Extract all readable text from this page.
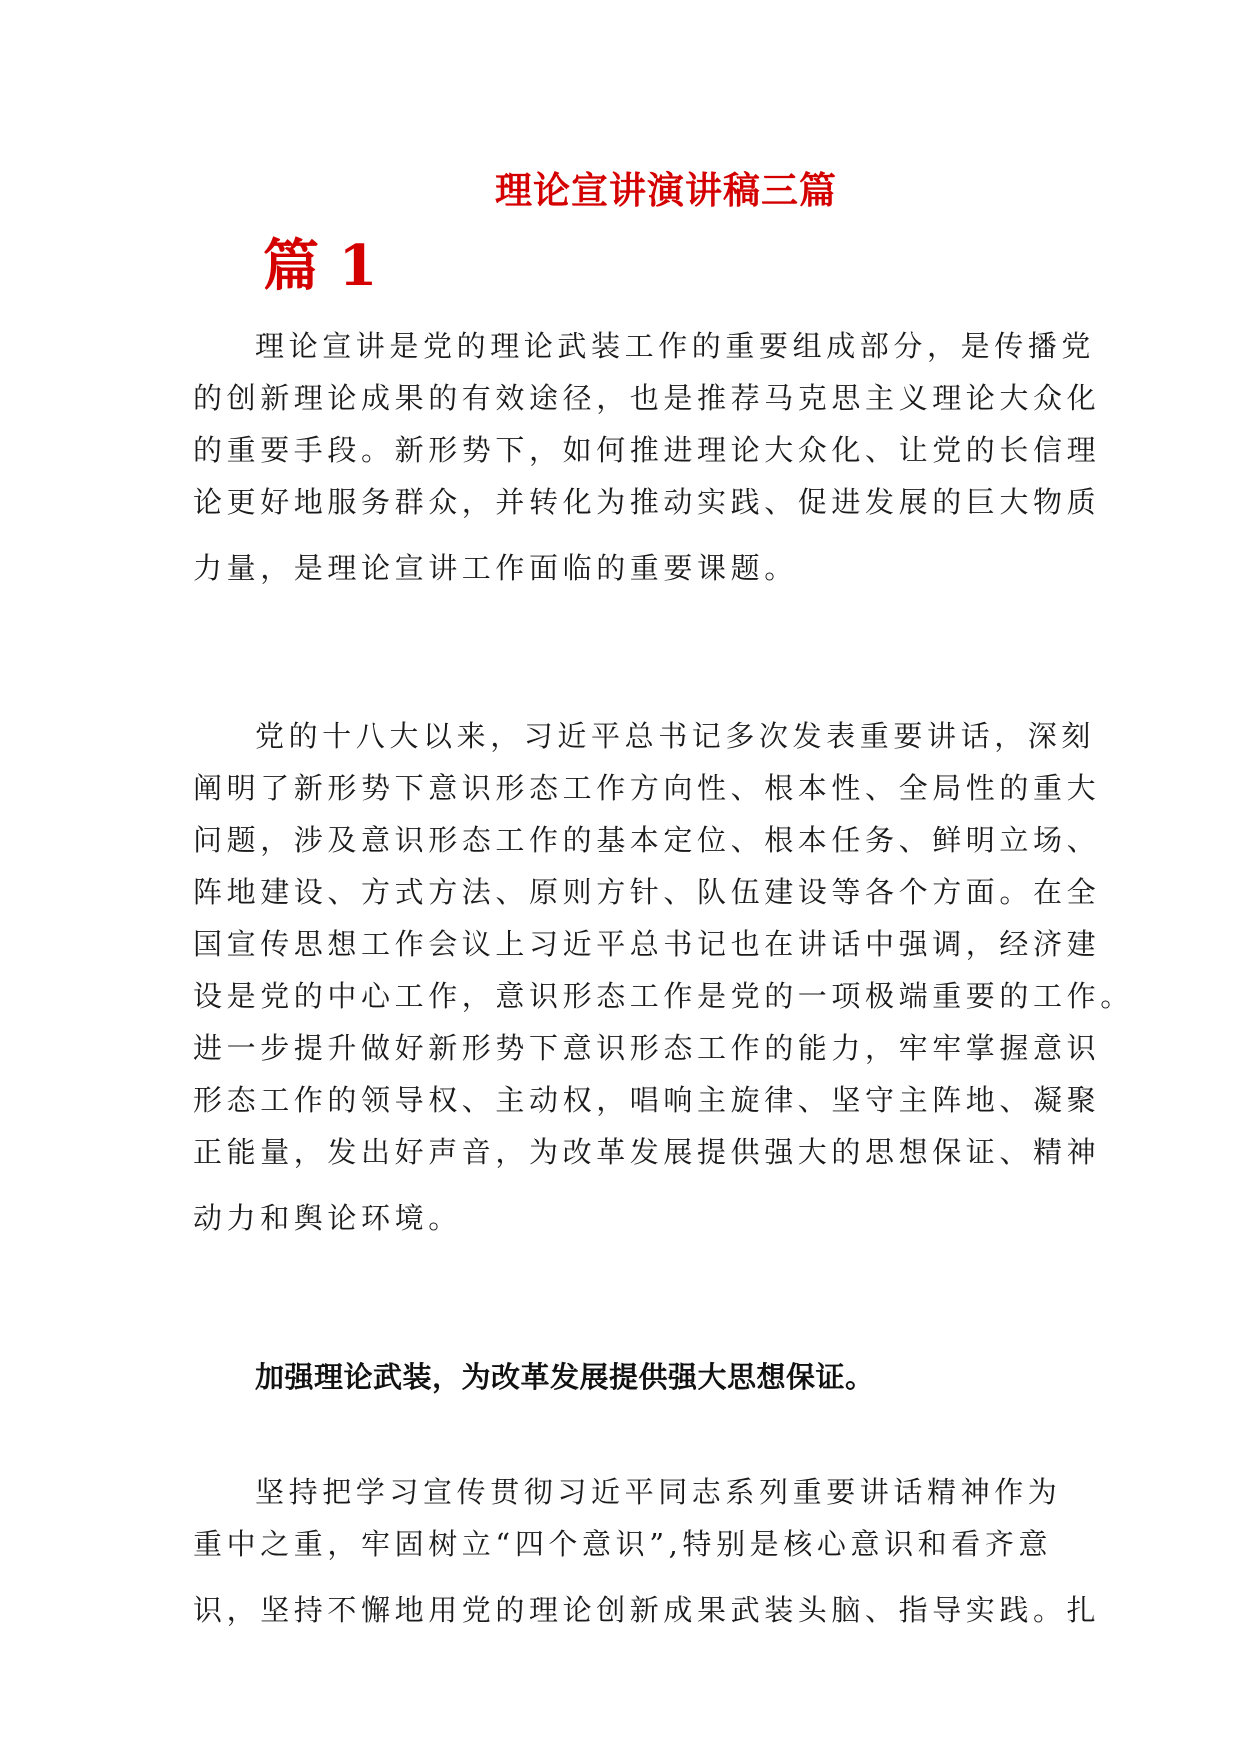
理论宣讲演讲稿三篇
篇 1
理论宣讲是党的理论武装工作的重要组成部分，是传播党
的创新理论成果的有效途径，也是推荐马克思主义理论大众化
的重要手段。新形势下，如何推进理论大众化、让党的长信理
论更好地服务群众，并转化为推动实践、促进发展的巨大物质
力量，是理论宣讲工作面临的重要课题。
党的十八大以来，习近平总书记多次发表重要讲话，深刻
阐明了新形势下意识形态工作方向性、根本性、全局性的重大
问题，涉及意识形态工作的基本定位、根本任务、鲜明立场、
阵地建设、方式方法、原则方针、队伍建设等各个方面。在全
国宣传思想工作会议上习近平总书记也在讲话中强调，经济建
设是党的中心工作，意识形态工作是党的一项极端重要的工作。
进一步提升做好新形势下意识形态工作的能力，牢牢掌握意识
形态工作的领导权、主动权，唱响主旋律、坚守主阵地、凝聚
正能量，发出好声音，为改革发展提供强大的思想保证、精神
动力和舆论环境。
加强理论武装，为改革发展提供强大思想保证。
坚持把学习宣传贯彻习近平同志系列重要讲话精神作为
重中之重，牢固树立“四个意识”,特别是核心意识和看齐意
识，坚持不懈地用党的理论创新成果武装头脑、指导实践。扎
